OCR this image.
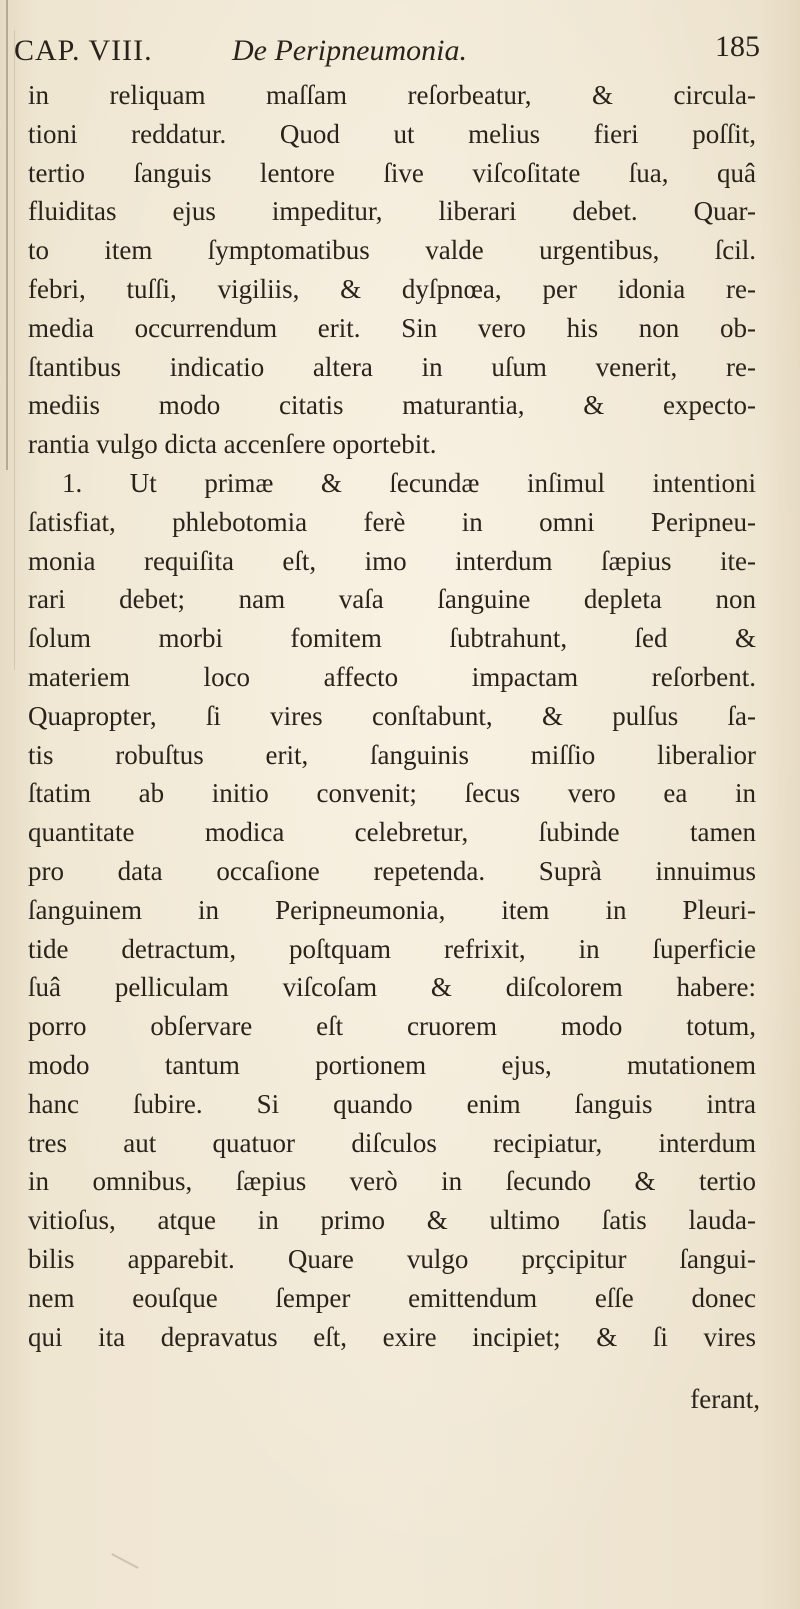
CAP. VIII.	De Peripneumonia.	185
in reliquam maſſam reſorbeatur, & circula-
tioni reddatur. Quod ut melius fieri poſſit,
tertio ſanguis lentore ſive viſcoſitate ſua, quâ
fluiditas ejus impeditur, liberari debet. Quar-
to item ſymptomatibus valde urgentibus, ſcil.
febri, tuſſi, vigiliis, & dyſpnœa, per idonia re-
media occurrendum erit. Sin vero his non ob-
ſtantibus indicatio altera in uſum venerit, re-
mediis modo citatis maturantia, & expecto-
rantia vulgo dicta accenſere oportebit.
1. Ut primæ & ſecundæ inſimul intentioni
ſatisfiat, phlebotomia ferè in omni Peripneu-
monia requiſita eſt, imo interdum ſæpius ite-
rari debet; nam vaſa ſanguine depleta non
ſolum morbi fomitem ſubtrahunt, ſed &
materiem loco affecto impactam reſorbent.
Quapropter, ſi vires conſtabunt, & pulſus ſa-
tis robuſtus erit, ſanguinis miſſio liberalior
ſtatim ab initio convenit; ſecus vero ea in
quantitate modica celebretur, ſubinde tamen
pro data occaſione repetenda. Suprà innuimus
ſanguinem in Peripneumonia, item in Pleuri-
tide detractum, poſtquam refrixit, in ſuperficie
ſuâ pelliculam viſcoſam & diſcolorem habere:
porro obſervare eſt cruorem modo totum,
modo tantum portionem ejus, mutationem
hanc ſubire. Si quando enim ſanguis intra
tres aut quatuor diſculos recipiatur, interdum
in omnibus, ſæpius verò in ſecundo & tertio
vitioſus, atque in primo & ultimo ſatis lauda-
bilis apparebit. Quare vulgo prçcipitur ſangui-
nem eouſque ſemper emittendum eſſe donec
qui ita depravatus eſt, exire incipiet; & ſi vires
ferant,
